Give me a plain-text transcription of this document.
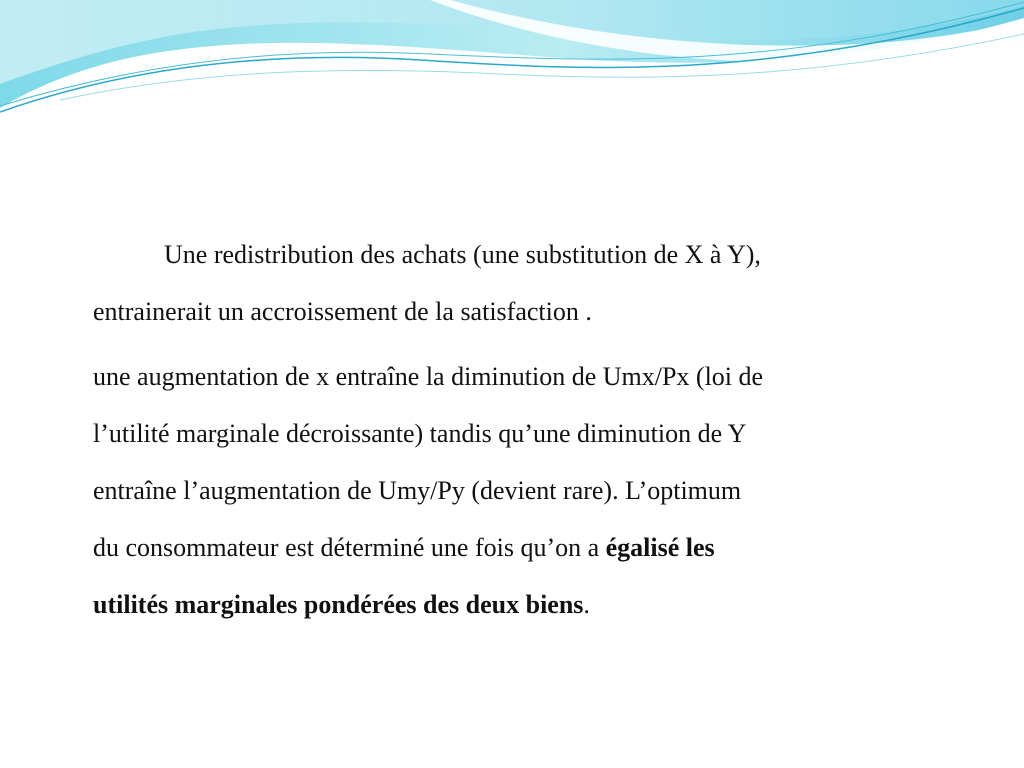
Une redistribution des achats (une substitution de X à Y),
entrainerait un accroissement de la satisfaction .

une augmentation de x entraîne la diminution de Umx/Px (loi de
l’utilité marginale décroissante) tandis qu’une diminution de Y
entraîne l’augmentation de Umy/Py (devient rare). L’optimum
du consommateur est déterminé une fois qu’on a égalisé les
utilités marginales pondérées des deux biens.
